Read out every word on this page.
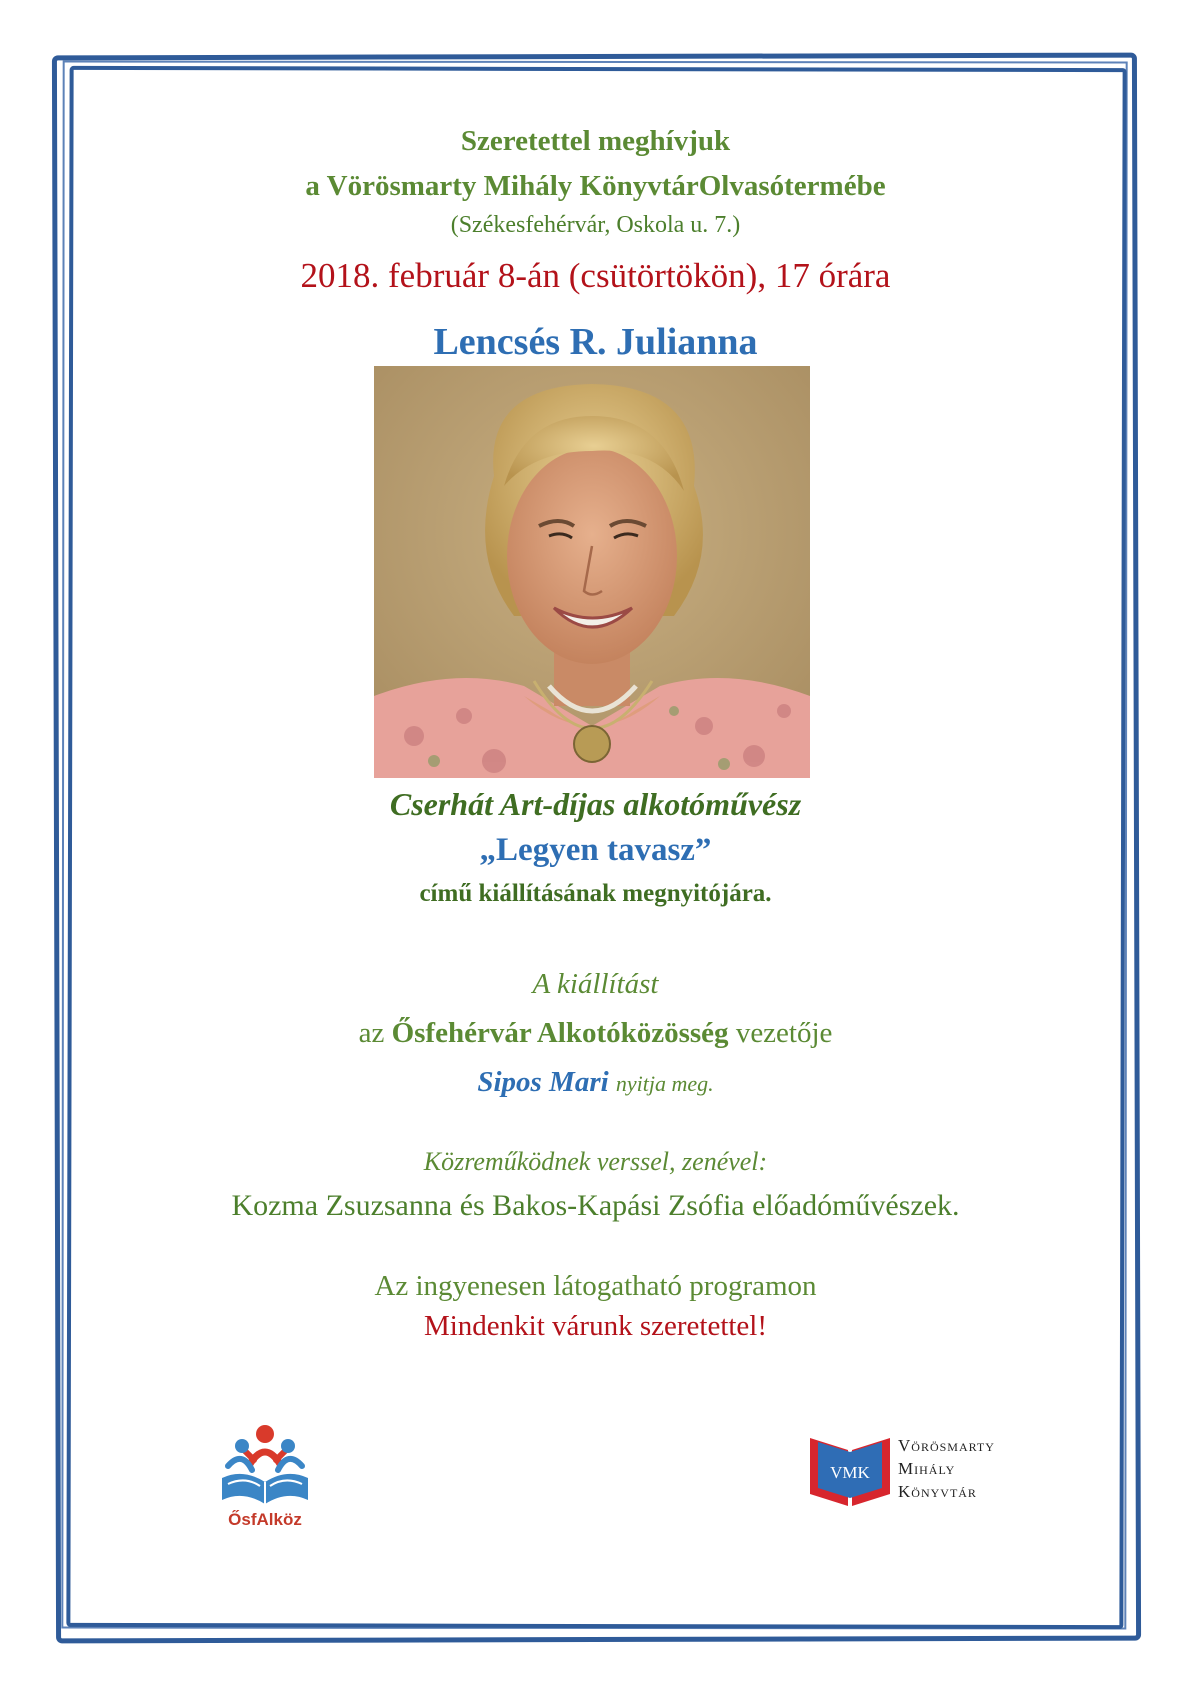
Szeretettel meghívjuk

a Vörösmarty Mihály KönyvtárOlvasótermébe

(Székesfehérvár, Oskola u. 7.)

2018. február 8-án (csütörtökön), 17 órára

Lencsés R. Julianna

Cserhát Art-díjas alkotóművész

„Legyen tavasz”

című kiállításának megnyitójára.

A kiállítást

az Ősfehérvár Alkotóközösség vezetője

Sipos Mari nyitja meg.

Közreműködnek verssel, zenével:

Kozma Zsuzsanna és Bakos-Kapási Zsófia előadóművészek.

Az ingyenesen látogatható programon

Mindenkit várunk szeretettel!

ŐsfAlköz
VMK
Vörösmarty
Mihály
Könyvtár
